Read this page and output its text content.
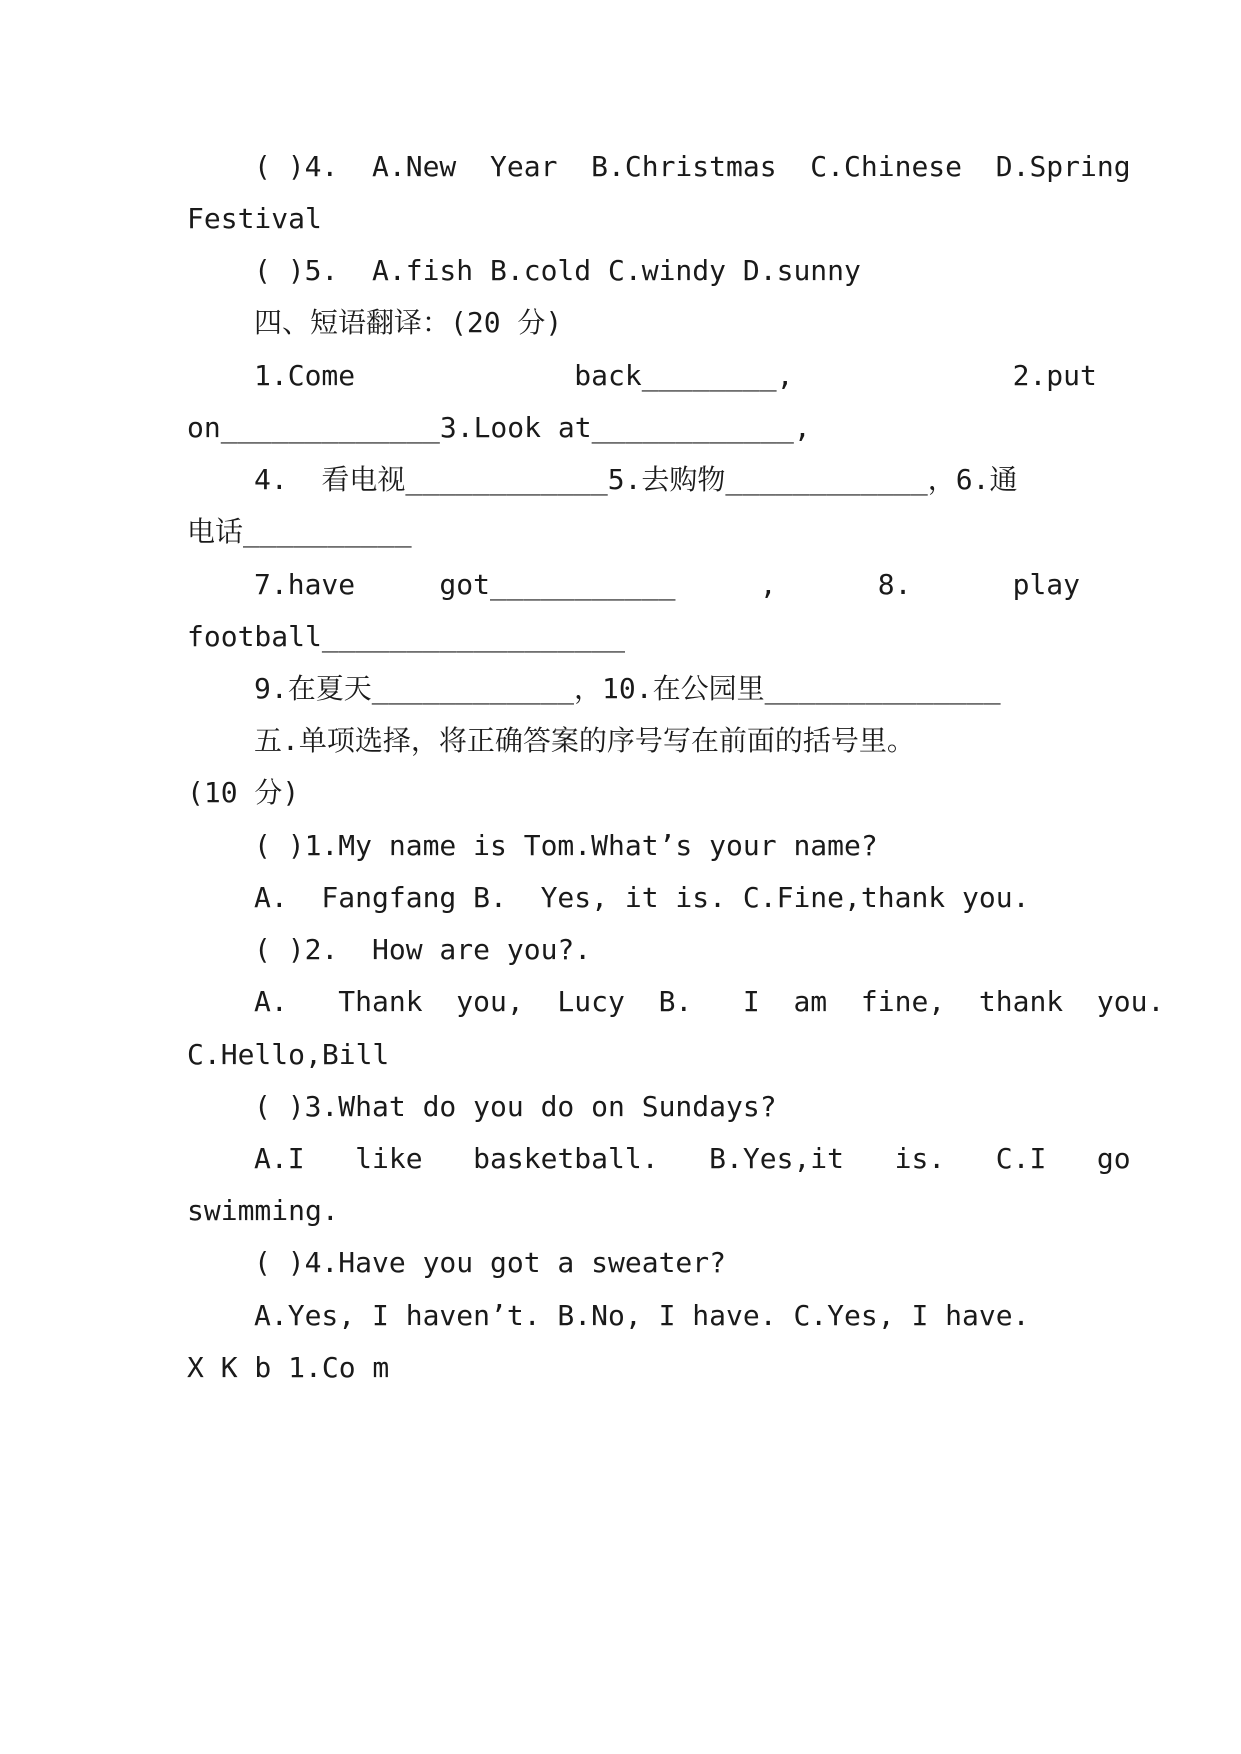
( )4.  A.New  Year  B.Christmas  C.Chinese  D.Spring
Festival
( )5.  A.fish B.cold C.windy D.sunny
四、短语翻译：(20 分)
1.Come             back________,             2.put
on_____________3.Look at____________,
4.  看电视____________5.去购物____________，6.通
电话__________
7.have     got___________     ,      8.      play
football__________________
9.在夏天____________，10.在公园里______________
五.单项选择，将正确答案的序号写在前面的括号里。
(10 分)
( )1.My name is Tom.What’s your name?
A.  Fangfang B.  Yes, it is. C.Fine,thank you.
( )2.  How are you?.
A.   Thank  you,  Lucy  B.   I  am  fine,  thank  you.
C.Hello,Bill
( )3.What do you do on Sundays?
A.I   like   basketball.   B.Yes,it   is.   C.I   go
swimming.
( )4.Have you got a sweater?
A.Yes, I haven’t. B.No, I have. C.Yes, I have.
X K b 1.Co m
